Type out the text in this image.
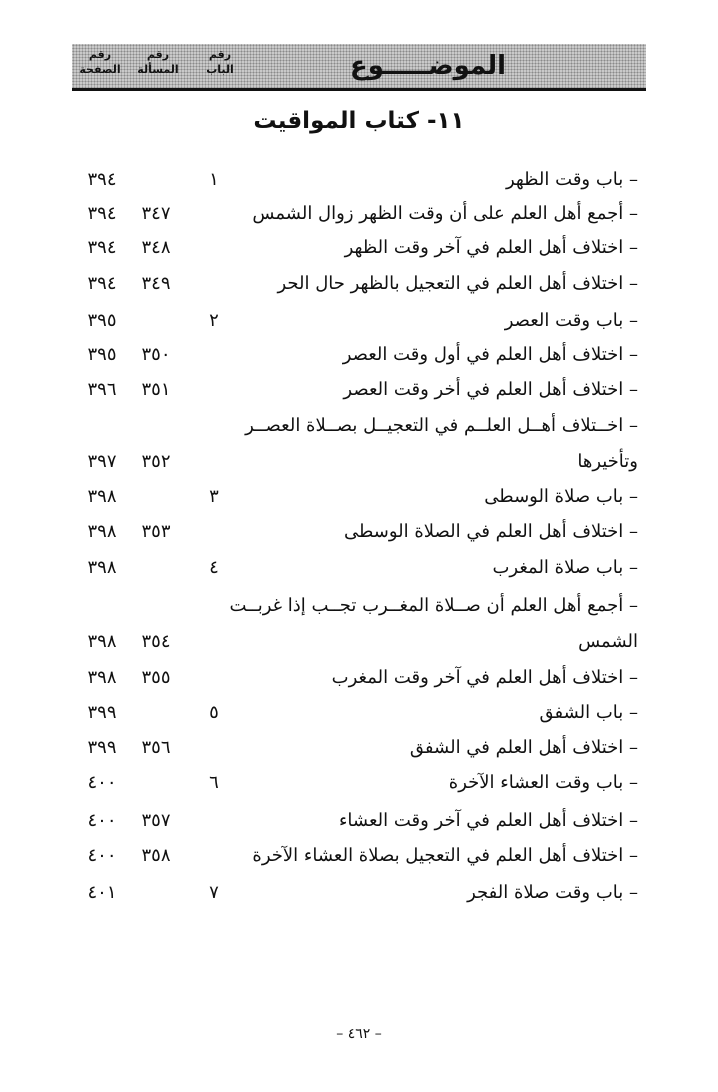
الموضـــــوع
رقم
الباب
رقم
المسألة
رقم
الصفحة
١١- كتاب المواقيت
– باب وقت الظهر
١
٣٩٤
– أجمع أهل العلم على أن وقت الظهر زوال الشمس
٣٤٧
٣٩٤
– اختلاف أهل العلم في آخر وقت الظهر
٣٤٨
٣٩٤
– اختلاف أهل العلم في التعجيل بالظهر حال الحر
٣٤٩
٣٩٤
– باب وقت العصر
٢
٣٩٥
– اختلاف أهل العلم في أول وقت العصر
٣٥٠
٣٩٥
– اختلاف أهل العلم في أخر وقت العصر
٣٥١
٣٩٦
– اخــتلاف أهــل العلــم في التعجيــل بصــلاة العصــر
وتأخيرها
٣٥٢
٣٩٧
– باب صلاة الوسطى
٣
٣٩٨
– اختلاف أهل العلم في الصلاة الوسطى
٣٥٣
٣٩٨
– باب صلاة المغرب
٤
٣٩٨
– أجمع أهل العلم أن صــلاة المغــرب تجــب إذا غربــت
الشمس
٣٥٤
٣٩٨
– اختلاف أهل العلم في آخر وقت المغرب
٣٥٥
٣٩٨
– باب الشفق
٥
٣٩٩
– اختلاف أهل العلم في الشفق
٣٥٦
٣٩٩
– باب وقت العشاء الآخرة
٦
٤٠٠
– اختلاف أهل العلم في آخر وقت العشاء
٣٥٧
٤٠٠
– اختلاف أهل العلم في التعجيل بصلاة العشاء الآخرة
٣٥٨
٤٠٠
– باب وقت صلاة الفجر
٧
٤٠١
– ٤٦٢ –
